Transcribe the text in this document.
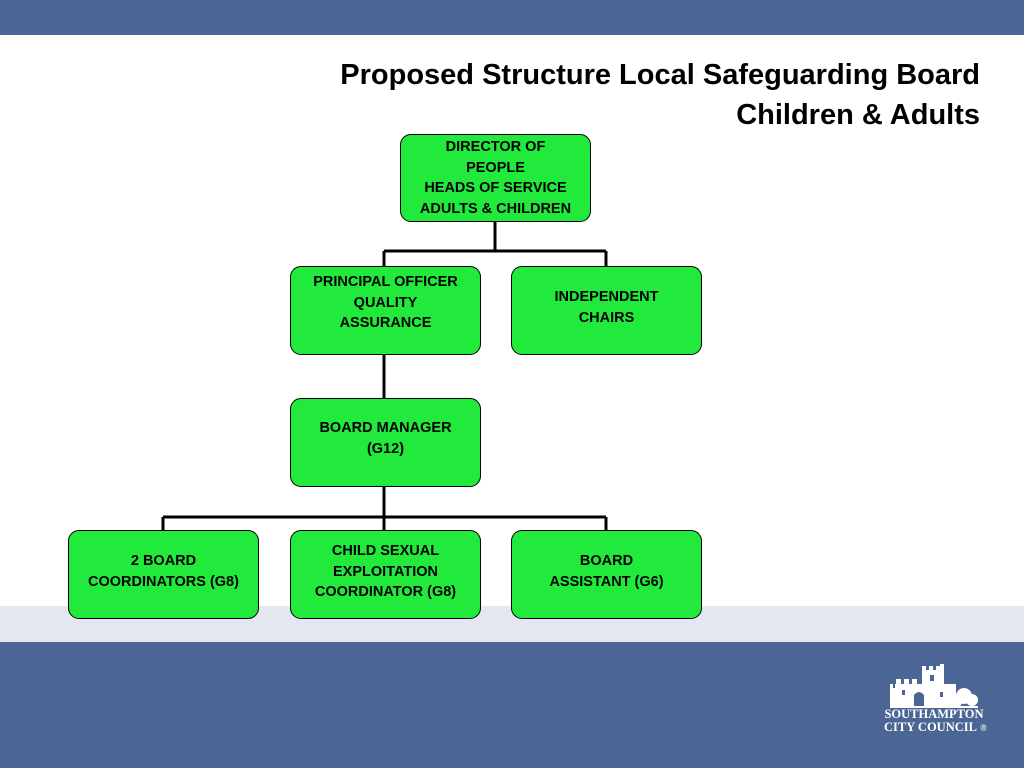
Proposed Structure Local Safeguarding Board
Children & Adults
DIRECTOR OF
PEOPLE
HEADS OF SERVICE
ADULTS & CHILDREN
PRINCIPAL OFFICER
QUALITY
ASSURANCE
INDEPENDENT
CHAIRS
BOARD MANAGER
(G12)
2 BOARD
COORDINATORS (G8)
CHILD SEXUAL
EXPLOITATION
COORDINATOR (G8)
BOARD
ASSISTANT (G6)
SOUTHAMPTON
CITY COUNCIL ®
